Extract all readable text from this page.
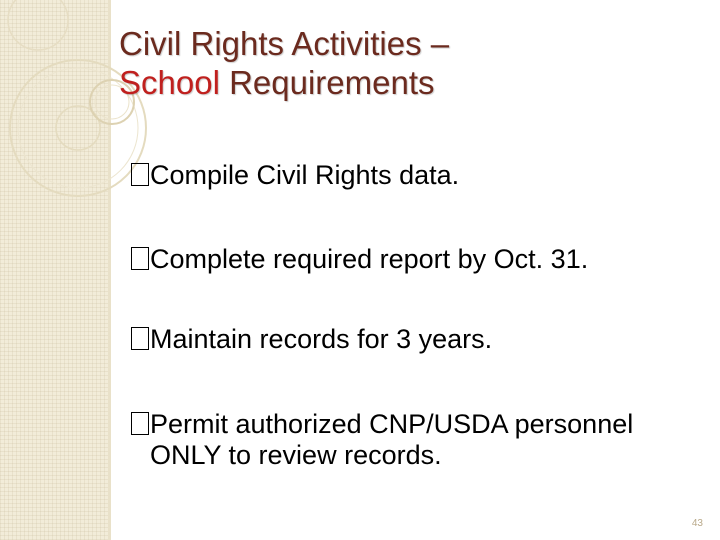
Civil Rights Activities –
School Requirements
Compile Civil Rights data.
Complete required report by Oct. 31.
Maintain records for 3 years.
Permit authorized CNP/USDA personnel
ONLY to review records.
43
